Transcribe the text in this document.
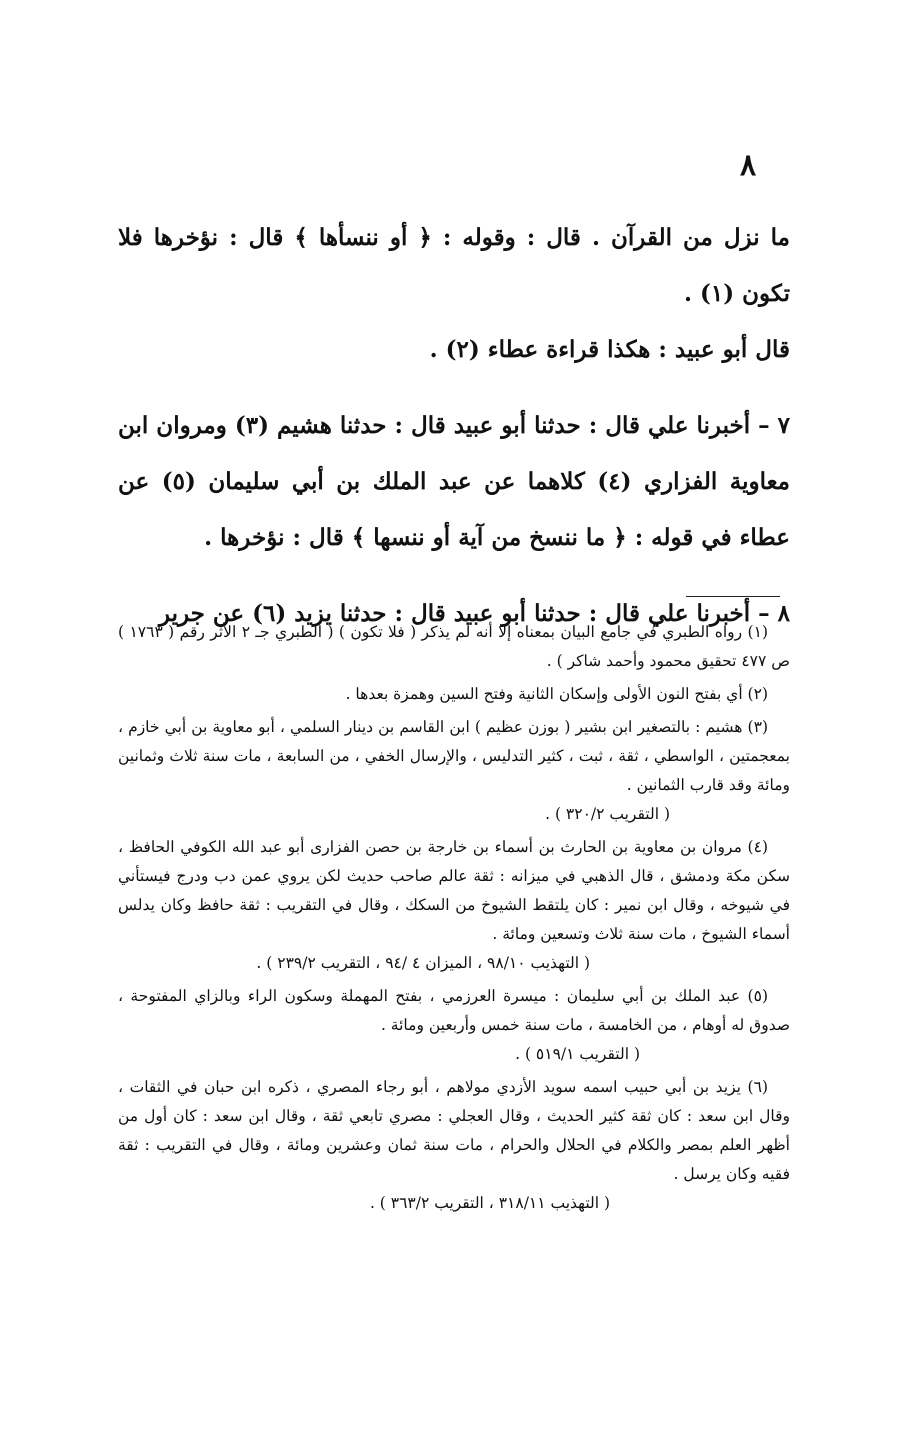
٨

ما نزل من القرآن . قال : وقوله : ﴿ أو ننسأها ﴾ قال : نؤخرها فلا تكون (١) .

قال أبو عبيد : هكذا قراءة عطاء (٢) .

٧ – أخبرنا علي قال : حدثنا أبو عبيد قال : حدثنا هشيم (٣) ومروان ابن معاوية الفزاري (٤) كلاهما عن عبد الملك بن أبي سليمان (٥) عن عطاء في قوله : ﴿ ما ننسخ من آية أو ننسها ﴾ قال : نؤخرها .

٨ – أخبرنا علي قال : حدثنا أبو عبيد قال : حدثنا يزيد (٦) عن جرير

(١) رواه الطبري في جامع البيان بمعناه إلا أنه لم يذكر ( فلا تكون ) ( الطبري جـ ٢ الأثر رقم ( ١٧٦٣ ) ص ٤٧٧ تحقيق محمود وأحمد شاكر ) .
(٢) أي بفتح النون الأولى وإسكان الثانية وفتح السين وهمزة بعدها .
(٣) هشيم : بالتصغير ابن بشير ( بوزن عظيم ) ابن القاسم بن دينار السلمي ، أبو معاوية بن أبي خازم ، بمعجمتين ، الواسطي ، ثقة ، ثبت ، كثير التدليس ، والإرسال الخفي ، من السابعة ، مات سنة ثلاث وثمانين ومائة وقد قارب الثمانين .
( التقريب ٣٢٠/٢ ) .
(٤) مروان بن معاوية بن الحارث بن أسماء بن خارجة بن حصن الفزارى أبو عبد الله الكوفي الحافظ ، سكن مكة ودمشق ، قال الذهبي في ميزانه : ثقة عالم صاحب حديث لكن يروي عمن دب ودرج فيستأني في شيوخه ، وقال ابن نمير : كان يلتقط الشيوخ من السكك ، وقال في التقريب : ثقة حافظ وكان يدلس أسماء الشيوخ ، مات سنة ثلاث وتسعين ومائة .
( التهذيب ٩٨/١٠ ، الميزان ٤ /٩٤ ، التقريب ٢٣٩/٢ ) .
(٥) عبد الملك بن أبي سليمان : ميسرة العرزمي ، بفتح المهملة وسكون الراء وبالزاي المفتوحة ، صدوق له أوهام ، من الخامسة ، مات سنة خمس وأربعين ومائة .
( التقريب ٥١٩/١ ) .
(٦) يزيد بن أبي حبيب اسمه سويد الأزدي مولاهم ، أبو رجاء المصري ، ذكره ابن حبان في الثقات ، وقال ابن سعد : كان ثقة كثير الحديث ، وقال العجلي : مصري تابعي ثقة ، وقال ابن سعد : كان أول من أظهر العلم بمصر والكلام في الحلال والحرام ، مات سنة ثمان وعشرين ومائة ، وقال في التقريب : ثقة فقيه وكان يرسل .
( التهذيب ٣١٨/١١ ، التقريب ٣٦٣/٢ ) .
